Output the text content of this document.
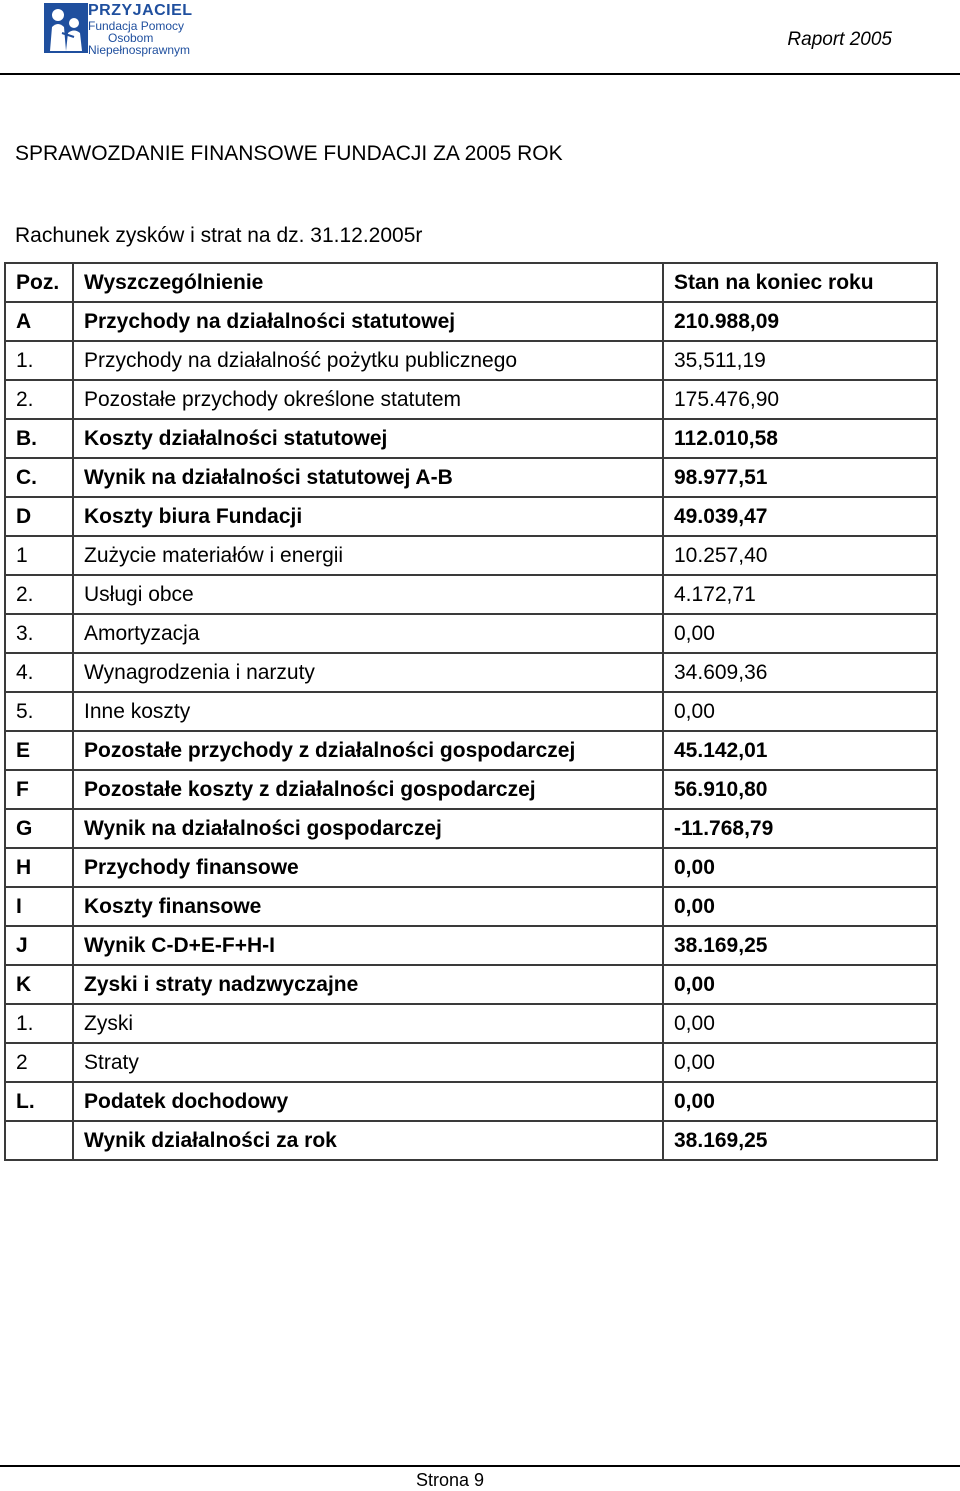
PRZYJACIEL
Fundacja Pomocy
Osobom
Niepełnosprawnym	Raport 2005
SPRAWOZDANIE FINANSOWE FUNDACJI ZA 2005 ROK

Rachunek zysków i strat na dz. 31.12.2005r

Poz.	Wyszczególnienie	Stan na koniec roku
A	Przychody na działalności statutowej	210.988,09
1.	Przychody na działalność pożytku publicznego	35,511,19
2.	Pozostałe przychody określone statutem	175.476,90
B.	Koszty działalności statutowej	112.010,58
C.	Wynik na działalności statutowej A-B	98.977,51
D	Koszty biura Fundacji	49.039,47
1	Zużycie materiałów i energii	10.257,40
2.	Usługi obce	4.172,71
3.	Amortyzacja	0,00
4.	Wynagrodzenia i narzuty	34.609,36
5.	Inne koszty	0,00
E	Pozostałe przychody z działalności gospodarczej	45.142,01
F	Pozostałe koszty z działalności gospodarczej	56.910,80
G	Wynik na działalności gospodarczej	-11.768,79
H	Przychody finansowe	0,00
I	Koszty finansowe	0,00
J	Wynik C-D+E-F+H-I	38.169,25
K	Zyski i straty nadzwyczajne	0,00
1.	Zyski	0,00
2	Straty	0,00
L.	Podatek dochodowy	0,00
	Wynik działalności za rok	38.169,25
Strona 9
